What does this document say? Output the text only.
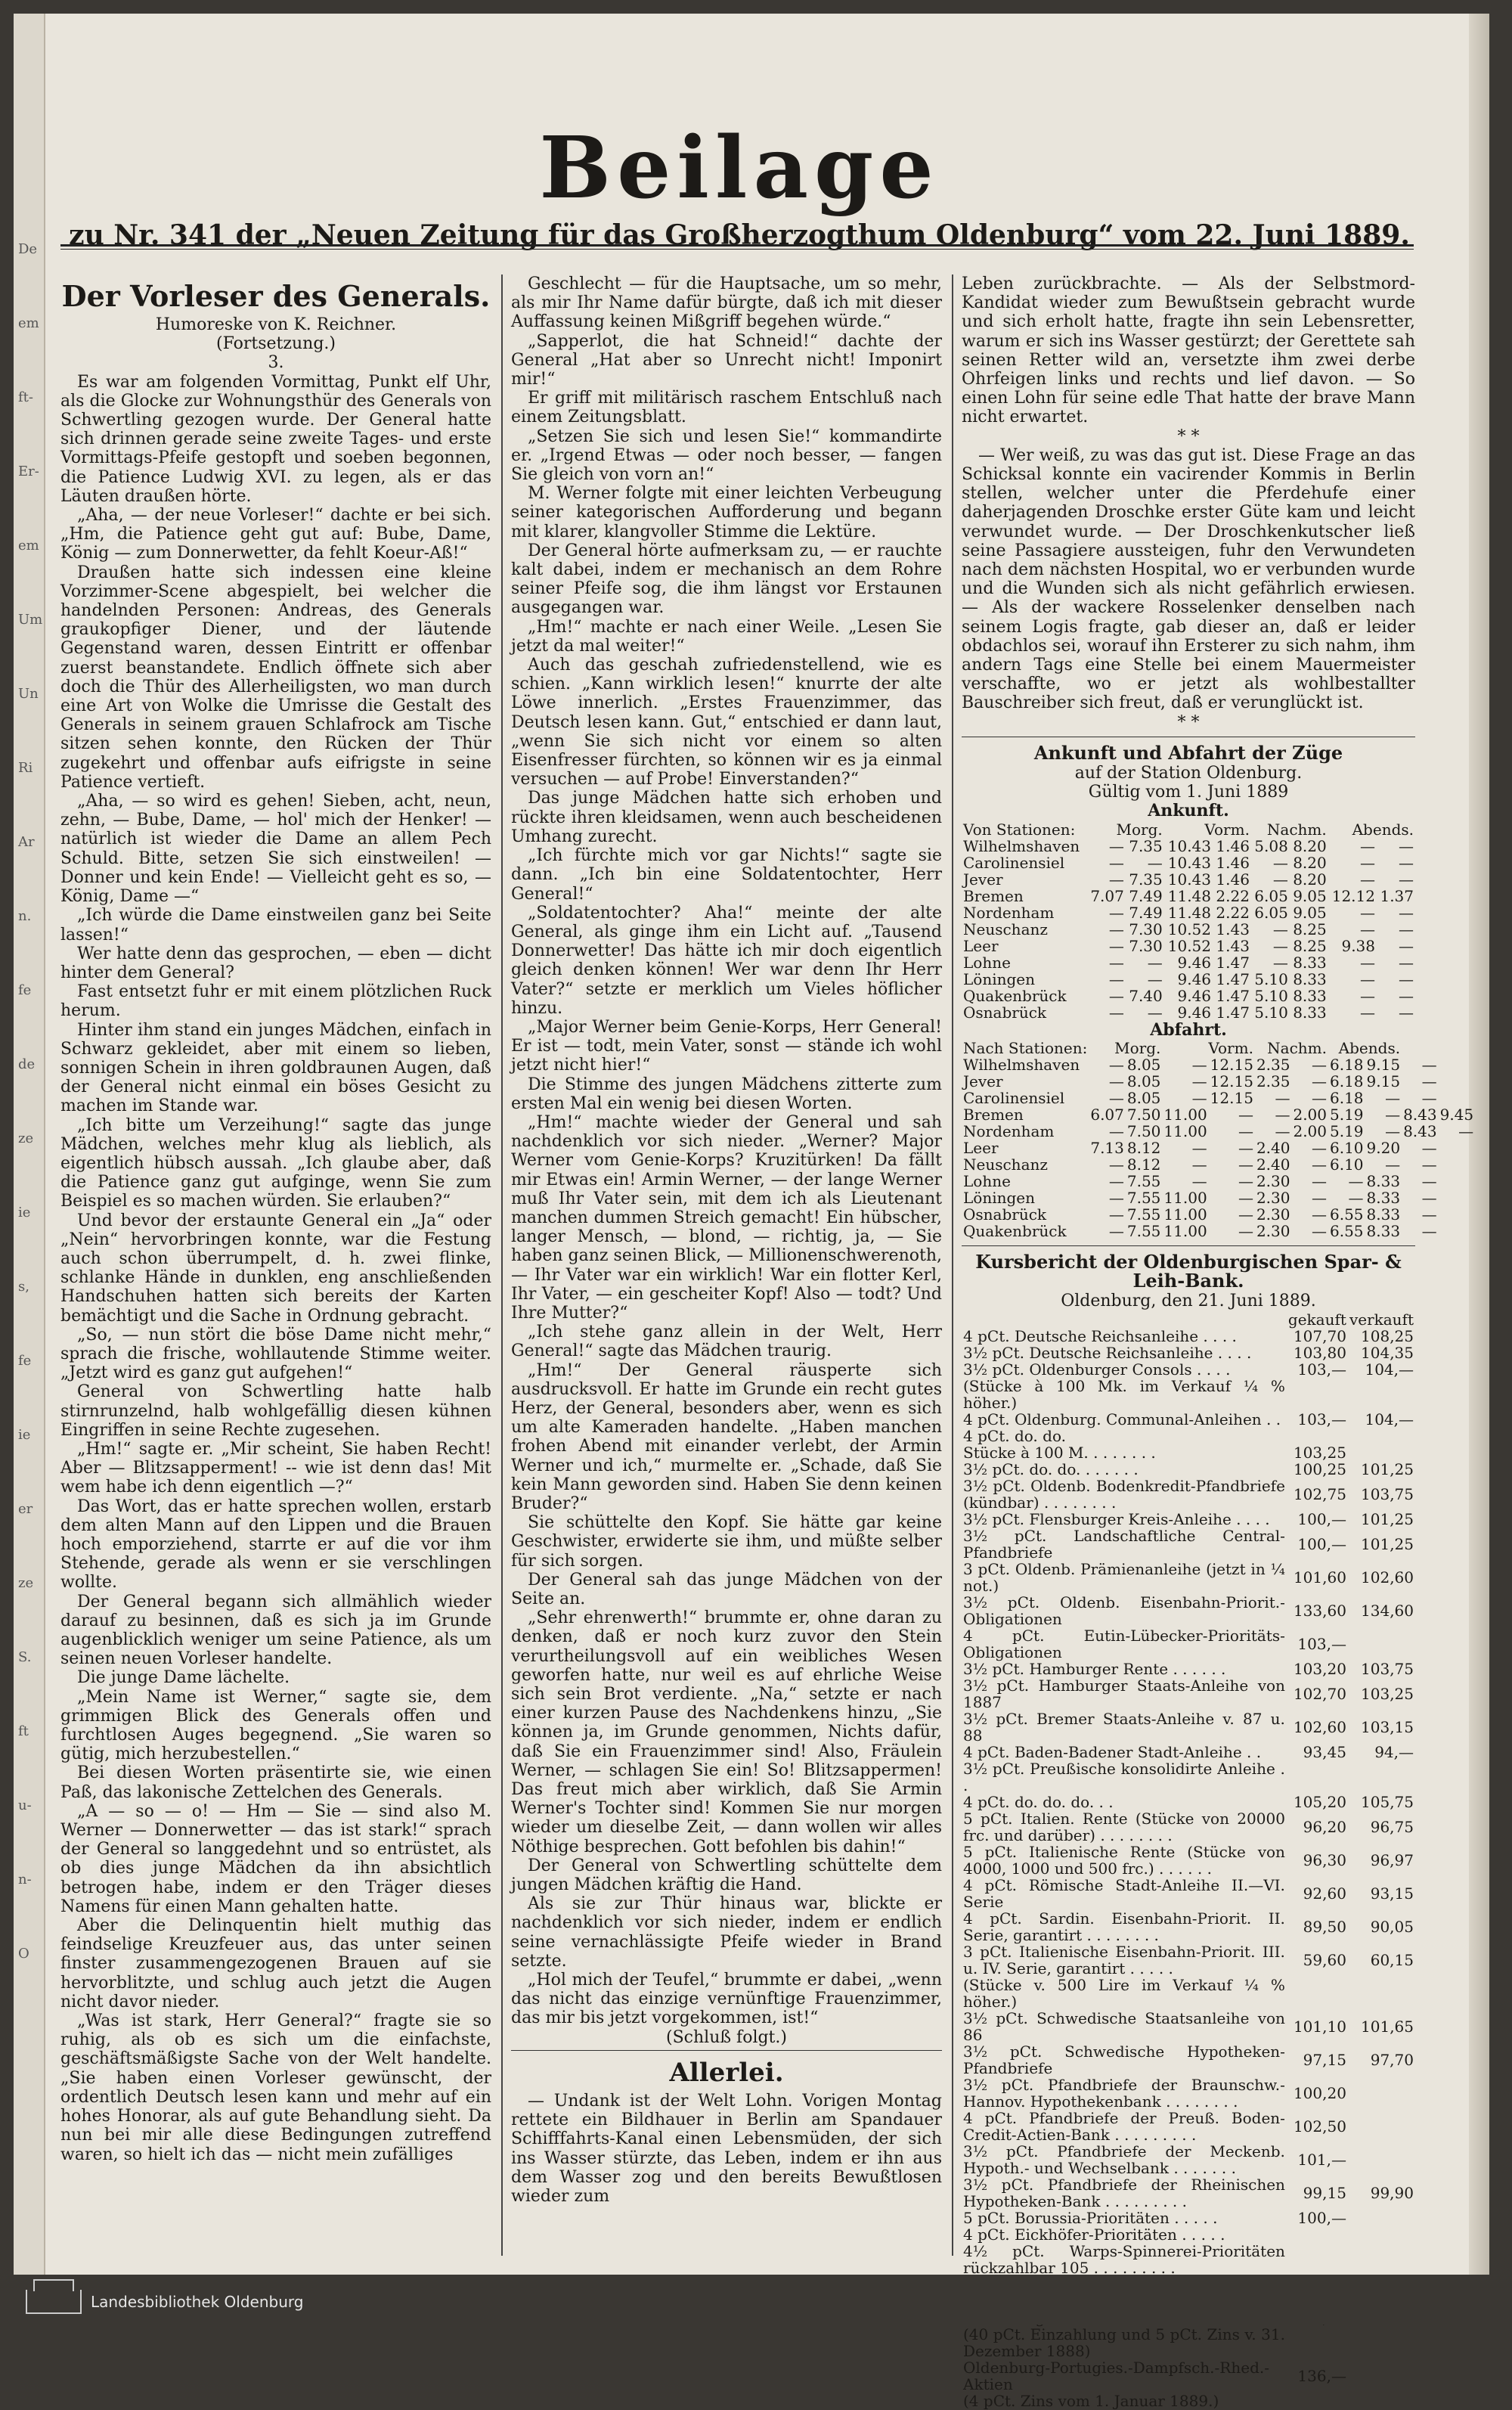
De
em
ft-
Er-
em
Um
Un
Ri
Ar
n.
fe
de
ze
ie
s,
fe
ie
er
ze
S.
ft
u-
n-
O
Beilage
zu Nr. 341 der „Neuen Zeitung für das Großherzogthum Oldenburg“ vom 22. Juni 1889.
Der Vorleser des Generals.

Humoreske von K. Reichner.

(Fortsetzung.)

3.

Es war am folgenden Vormittag, Punkt elf Uhr, als die Glocke zur Wohnungsthür des Generals von Schwertling gezogen wurde. Der General hatte sich drinnen gerade seine zweite Tages- und erste Vormittags-Pfeife gestopft und soeben begonnen, die Patience Ludwig XVI. zu legen, als er das Läuten draußen hörte.

„Aha, — der neue Vorleser!“ dachte er bei sich. „Hm, die Patience geht gut auf: Bube, Dame, König — zum Donnerwetter, da fehlt Koeur-Aß!“

Draußen hatte sich indessen eine kleine Vorzimmer-Scene abgespielt, bei welcher die handelnden Personen: Andreas, des Generals graukopfiger Diener, und der läutende Gegenstand waren, dessen Eintritt er offenbar zuerst beanstandete. Endlich öffnete sich aber doch die Thür des Allerheiligsten, wo man durch eine Art von Wolke die Umrisse die Gestalt des Generals in seinem grauen Schlafrock am Tische sitzen sehen konnte, den Rücken der Thür zugekehrt und offenbar aufs eifrigste in seine Patience vertieft.

„Aha, — so wird es gehen! Sieben, acht, neun, zehn, — Bube, Dame, — hol' mich der Henker! — natürlich ist wieder die Dame an allem Pech Schuld. Bitte, setzen Sie sich einstweilen! — Donner und kein Ende! — Vielleicht geht es so, — König, Dame —“

„Ich würde die Dame einstweilen ganz bei Seite lassen!“

Wer hatte denn das gesprochen, — eben — dicht hinter dem General?

Fast entsetzt fuhr er mit einem plötzlichen Ruck herum.

Hinter ihm stand ein junges Mädchen, einfach in Schwarz gekleidet, aber mit einem so lieben, sonnigen Schein in ihren goldbraunen Augen, daß der General nicht einmal ein böses Gesicht zu machen im Stande war.

„Ich bitte um Verzeihung!“ sagte das junge Mädchen, welches mehr klug als lieblich, als eigentlich hübsch aussah. „Ich glaube aber, daß die Patience ganz gut aufginge, wenn Sie zum Beispiel es so machen würden. Sie erlauben?“

Und bevor der erstaunte General ein „Ja“ oder „Nein“ hervorbringen konnte, war die Festung auch schon überrumpelt, d. h. zwei flinke, schlanke Hände in dunklen, eng anschließenden Handschuhen hatten sich bereits der Karten bemächtigt und die Sache in Ordnung gebracht.

„So, — nun stört die böse Dame nicht mehr,“ sprach die frische, wohllautende Stimme weiter. „Jetzt wird es ganz gut aufgehen!“

General von Schwertling hatte halb stirnrunzelnd, halb wohlgefällig diesen kühnen Eingriffen in seine Rechte zugesehen.

„Hm!“ sagte er. „Mir scheint, Sie haben Recht! Aber — Blitzsapperment! -- wie ist denn das! Mit wem habe ich denn eigentlich —?“

Das Wort, das er hatte sprechen wollen, erstarb dem alten Mann auf den Lippen und die Brauen hoch emporziehend, starrte er auf die vor ihm Stehende, gerade als wenn er sie verschlingen wollte.

Der General begann sich allmählich wieder darauf zu besinnen, daß es sich ja im Grunde augenblicklich weniger um seine Patience, als um seinen neuen Vorleser handelte.

Die junge Dame lächelte.

„Mein Name ist Werner,“ sagte sie, dem grimmigen Blick des Generals offen und furchtlosen Auges begegnend. „Sie waren so gütig, mich herzubestellen.“

Bei diesen Worten präsentirte sie, wie einen Paß, das lakonische Zettelchen des Generals.

„A — so — o! — Hm — Sie — sind also M. Werner — Donnerwetter — das ist stark!“ sprach der General so langgedehnt und so entrüstet, als ob dies junge Mädchen da ihn absichtlich betrogen habe, indem er den Träger dieses Namens für einen Mann gehalten hatte.

Aber die Delinquentin hielt muthig das feindselige Kreuzfeuer aus, das unter seinen finster zusammengezogenen Brauen auf sie hervorblitzte, und schlug auch jetzt die Augen nicht davor nieder.

„Was ist stark, Herr General?“ fragte sie so ruhig, als ob es sich um die einfachste, geschäftsmäßigste Sache von der Welt handelte. „Sie haben einen Vorleser gewünscht, der ordentlich Deutsch lesen kann und mehr auf ein hohes Honorar, als auf gute Behandlung sieht. Da nun bei mir alle diese Bedingungen zutreffend waren, so hielt ich das — nicht mein zufälliges

Geschlecht — für die Hauptsache, um so mehr, als mir Ihr Name dafür bürgte, daß ich mit dieser Auffassung keinen Mißgriff begehen würde.“

„Sapperlot, die hat Schneid!“ dachte der General „Hat aber so Unrecht nicht! Imponirt mir!“

Er griff mit militärisch raschem Entschluß nach einem Zeitungsblatt.

„Setzen Sie sich und lesen Sie!“ kommandirte er. „Irgend Etwas — oder noch besser, — fangen Sie gleich von vorn an!“

M. Werner folgte mit einer leichten Verbeugung seiner kategorischen Aufforderung und begann mit klarer, klangvoller Stimme die Lektüre.

Der General hörte aufmerksam zu, — er rauchte kalt dabei, indem er mechanisch an dem Rohre seiner Pfeife sog, die ihm längst vor Erstaunen ausgegangen war.

„Hm!“ machte er nach einer Weile. „Lesen Sie jetzt da mal weiter!“

Auch das geschah zufriedenstellend, wie es schien. „Kann wirklich lesen!“ knurrte der alte Löwe innerlich. „Erstes Frauenzimmer, das Deutsch lesen kann. Gut,“ entschied er dann laut, „wenn Sie sich nicht vor einem so alten Eisenfresser fürchten, so können wir es ja einmal versuchen — auf Probe! Einverstanden?“

Das junge Mädchen hatte sich erhoben und rückte ihren kleidsamen, wenn auch bescheidenen Umhang zurecht.

„Ich fürchte mich vor gar Nichts!“ sagte sie dann. „Ich bin eine Soldatentochter, Herr General!“

„Soldatentochter? Aha!“ meinte der alte General, als ginge ihm ein Licht auf. „Tausend Donnerwetter! Das hätte ich mir doch eigentlich gleich denken können! Wer war denn Ihr Herr Vater?“ setzte er merklich um Vieles höflicher hinzu.

„Major Werner beim Genie-Korps, Herr General! Er ist — todt, mein Vater, sonst — stände ich wohl jetzt nicht hier!“

Die Stimme des jungen Mädchens zitterte zum ersten Mal ein wenig bei diesen Worten.

„Hm!“ machte wieder der General und sah nachdenklich vor sich nieder. „Werner? Major Werner vom Genie-Korps? Kruzitürken! Da fällt mir Etwas ein! Armin Werner, — der lange Werner muß Ihr Vater sein, mit dem ich als Lieutenant manchen dummen Streich gemacht! Ein hübscher, langer Mensch, — blond, — richtig, ja, — Sie haben ganz seinen Blick, — Millionenschwerenoth, — Ihr Vater war ein wirklich! War ein flotter Kerl, Ihr Vater, — ein gescheiter Kopf! Also — todt? Und Ihre Mutter?“

„Ich stehe ganz allein in der Welt, Herr General!“ sagte das Mädchen traurig.

„Hm!“ Der General räusperte sich ausdrucksvoll. Er hatte im Grunde ein recht gutes Herz, der General, besonders aber, wenn es sich um alte Kameraden handelte. „Haben manchen frohen Abend mit einander verlebt, der Armin Werner und ich,“ murmelte er. „Schade, daß Sie kein Mann geworden sind. Haben Sie denn keinen Bruder?“

Sie schüttelte den Kopf. Sie hätte gar keine Geschwister, erwiderte sie ihm, und müßte selber für sich sorgen.

Der General sah das junge Mädchen von der Seite an.

„Sehr ehrenwerth!“ brummte er, ohne daran zu denken, daß er noch kurz zuvor den Stein verurtheilungsvoll auf ein weibliches Wesen geworfen hatte, nur weil es auf ehrliche Weise sich sein Brot verdiente. „Na,“ setzte er nach einer kurzen Pause des Nachdenkens hinzu, „Sie können ja, im Grunde genommen, Nichts dafür, daß Sie ein Frauenzimmer sind! Also, Fräulein Werner, — schlagen Sie ein! So! Blitzsappermen! Das freut mich aber wirklich, daß Sie Armin Werner's Tochter sind! Kommen Sie nur morgen wieder um dieselbe Zeit, — dann wollen wir alles Nöthige besprechen. Gott befohlen bis dahin!“

Der General von Schwertling schüttelte dem jungen Mädchen kräftig die Hand.

Als sie zur Thür hinaus war, blickte er nachdenklich vor sich nieder, indem er endlich seine vernachlässigte Pfeife wieder in Brand setzte.

„Hol mich der Teufel,“ brummte er dabei, „wenn das nicht das einzige vernünftige Frauenzimmer, das mir bis jetzt vorgekommen, ist!“

(Schluß folgt.)

Allerlei.

— Undank ist der Welt Lohn. Vorigen Montag rettete ein Bildhauer in Berlin am Spandauer Schifffahrts-Kanal einen Lebensmüden, der sich ins Wasser stürzte, das Leben, indem er ihn aus dem Wasser zog und den bereits Bewußtlosen wieder zum

Leben zurückbrachte. — Als der Selbstmord-Kandidat wieder zum Bewußtsein gebracht wurde und sich erholt hatte, fragte ihn sein Lebensretter, warum er sich ins Wasser gestürzt; der Gerettete sah seinen Retter wild an, versetzte ihm zwei derbe Ohrfeigen links und rechts und lief davon. — So einen Lohn für seine edle That hatte der brave Mann nicht erwartet.

* *

— Wer weiß, zu was das gut ist. Diese Frage an das Schicksal konnte ein vacirender Kommis in Berlin stellen, welcher unter die Pferdehufe einer daherjagenden Droschke erster Güte kam und leicht verwundet wurde. — Der Droschkenkutscher ließ seine Passagiere aussteigen, fuhr den Verwundeten nach dem nächsten Hospital, wo er verbunden wurde und die Wunden sich als nicht gefährlich erwiesen. — Als der wackere Rosselenker denselben nach seinem Logis fragte, gab dieser an, daß er leider obdachlos sei, worauf ihn Ersterer zu sich nahm, ihm andern Tags eine Stelle bei einem Mauermeister verschaffte, wo er jetzt als wohlbestallter Bauschreiber sich freut, daß er verunglückt ist.

* *

Ankunft und Abfahrt der Züge

auf der Station Oldenburg.

Gültig vom 1. Juni 1889

Ankunft.

Von Stationen:	Morg.		Vorm.		Nachm.		Abends.	
Wilhelmshaven	—	7.35	10.43	1.46	5.08	8.20	—	—
Carolinensiel	—	—	10.43	1.46	—	8.20	—	—
Jever	—	7.35	10.43	1.46	—	8.20	—	—
Bremen	7.07	7.49	11.48	2.22	6.05	9.05	12.12	1.37
Nordenham	—	7.49	11.48	2.22	6.05	9.05	—	—
Neuschanz	—	7.30	10.52	1.43	—	8.25	—	—
Leer	—	7.30	10.52	1.43	—	8.25	9.38	—
Lohne	—	—	9.46	1.47	—	8.33	—	—
Löningen	—	—	9.46	1.47	5.10	8.33	—	—
Quakenbrück	—	7.40	9.46	1.47	5.10	8.33	—	—
Osnabrück	—	—	9.46	1.47	5.10	8.33	—	—

Abfahrt.

Nach Stationen:	Morg.		Vorm.		Nachm.		Abends.			
Wilhelmshaven	—	8.05	—	12.15	2.35	—	6.18	9.15	—	
Jever	—	8.05	—	12.15	2.35	—	6.18	9.15	—	
Carolinensiel	—	8.05	—	12.15	—	—	6.18	—	—	
Bremen	6.07	7.50	11.00	—	—	2.00	5.19	—	8.43	9.45
Nordenham	—	7.50	11.00	—	—	2.00	5.19	—	8.43	—
Leer	7.13	8.12	—	—	2.40	—	6.10	9.20	—	
Neuschanz	—	8.12	—	—	2.40	—	6.10	—	—	
Lohne	—	7.55	—	—	2.30	—	—	8.33	—	
Löningen	—	7.55	11.00	—	2.30	—	—	8.33	—	
Osnabrück	—	7.55	11.00	—	2.30	—	6.55	8.33	—	
Quakenbrück	—	7.55	11.00	—	2.30	—	6.55	8.33	—	
Kursbericht der Oldenburgischen Spar- & Leih-Bank.

Oldenburg, den 21. Juni 1889.

	gekauft	verkauft
4 pCt. Deutsche Reichsanleihe . . . .	107,70	108,25
3½ pCt. Deutsche Reichsanleihe . . . .	103,80	104,35
3½ pCt. Oldenburger Consols . . . .	103,—	104,—
(Stücke à 100 Mk. im Verkauf ¼ % höher.)		
4 pCt. Oldenburg. Communal-Anleihen . .	103,—	104,—
4 pCt. do. do.		
Stücke à 100 M. . . . . . . .	103,25	
3½ pCt. do. do. . . . . . .	100,25	101,25
3½ pCt. Oldenb. Bodenkredit-Pfandbriefe (kündbar) . . . . . . . .	102,75	103,75
3½ pCt. Flensburger Kreis-Anleihe . . . .	100,—	101,25
3½ pCt. Landschaftliche Central-Pfandbriefe	100,—	101,25
3 pCt. Oldenb. Prämienanleihe (jetzt in ¼ not.)	101,60	102,60
3½ pCt. Oldenb. Eisenbahn-Priorit.-Obligationen	133,60	134,60
4 pCt. Eutin-Lübecker-Prioritäts-Obligationen	103,—	
3½ pCt. Hamburger Rente . . . . . .	103,20	103,75
3½ pCt. Hamburger Staats-Anleihe von 1887	102,70	103,25
3½ pCt. Bremer Staats-Anleihe v. 87 u. 88	102,60	103,15
4 pCt. Baden-Badener Stadt-Anleihe . .	93,45	94,—
3½ pCt. Preußische konsolidirte Anleihe . .		
4 pCt. do. do. do. . .	105,20	105,75
5 pCt. Italien. Rente (Stücke von 20000 frc. und darüber) . . . . . . . .	96,20	96,75
5 pCt. Italienische Rente (Stücke von 4000, 1000 und 500 frc.) . . . . . .	96,30	96,97
4 pCt. Römische Stadt-Anleihe II.—VI. Serie	92,60	93,15
4 pCt. Sardin. Eisenbahn-Priorit. II. Serie, garantirt . . . . . . . .	89,50	90,05
3 pCt. Italienische Eisenbahn-Priorit. III. u. IV. Serie, garantirt . . . . .	59,60	60,15
(Stücke v. 500 Lire im Verkauf ¼ % höher.)		
3½ pCt. Schwedische Staatsanleihe von 86	101,10	101,65
3½ pCt. Schwedische Hypotheken-Pfandbriefe	97,15	97,70
3½ pCt. Pfandbriefe der Braunschw.-Hannov. Hypothekenbank . . . . . . . .	100,20	
4 pCt. Pfandbriefe der Preuß. Boden-Credit-Actien-Bank . . . . . . . . .	102,50	
3½ pCt. Pfandbriefe der Meckenb. Hypoth.- und Wechselbank . . . . . . .	101,—	
3½ pCt. Pfandbriefe der Rheinischen Hypotheken-Bank . . . . . . . . .	99,15	99,90
5 pCt. Borussia-Prioritäten . . . . .	100,—	
4 pCt. Eickhöfer-Prioritäten . . . . .		
4½ pCt. Warps-Spinnerei-Prioritäten rückzahlbar 105 . . . . . . . . .		

(40 pCt. Einzahlung und 5 pCt. Zins v. 31. Dezember 1888)		
Oldenburg-Portugies.-Dampfsch.-Rhed.-Aktien	136,—	
(4 pCt. Zins vom 1. Januar 1889.)		
Landesbibliothek Oldenburg
